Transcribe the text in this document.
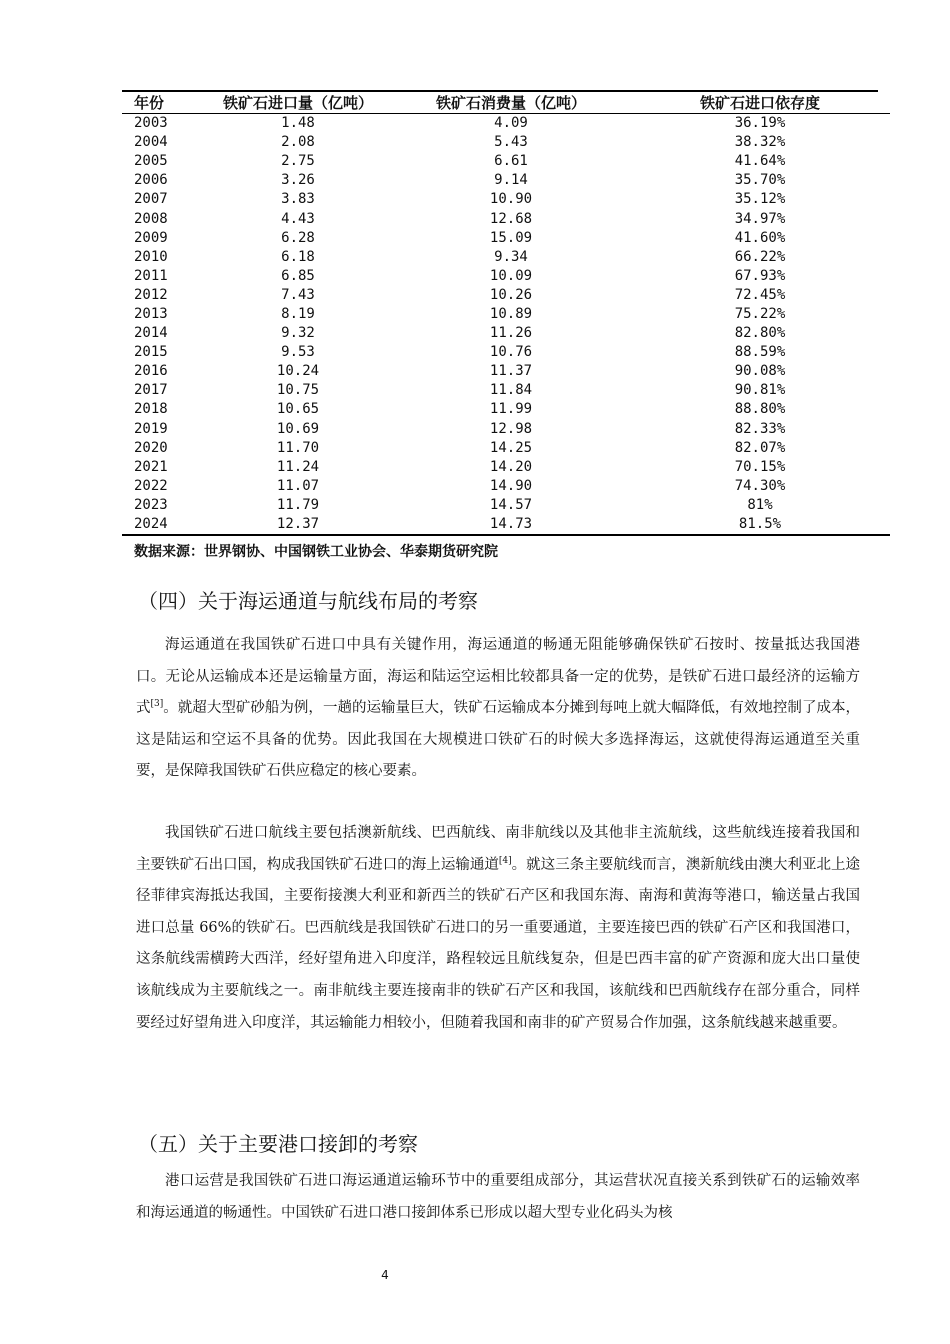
年份	铁矿石进口量（亿吨）	铁矿石消费量（亿吨）	铁矿石进口依存度
2003	1.48	4.09	36.19%
2004	2.08	5.43	38.32%
2005	2.75	6.61	41.64%
2006	3.26	9.14	35.70%
2007	3.83	10.90	35.12%
2008	4.43	12.68	34.97%
2009	6.28	15.09	41.60%
2010	6.18	9.34	66.22%
2011	6.85	10.09	67.93%
2012	7.43	10.26	72.45%
2013	8.19	10.89	75.22%
2014	9.32	11.26	82.80%
2015	9.53	10.76	88.59%
2016	10.24	11.37	90.08%
2017	10.75	11.84	90.81%
2018	10.65	11.99	88.80%
2019	10.69	12.98	82.33%
2020	11.70	14.25	82.07%
2021	11.24	14.20	70.15%
2022	11.07	14.90	74.30%
2023	11.79	14.57	81%
2024	12.37	14.73	81.5%
数据来源：世界钢协、中国钢铁工业协会、华泰期货研究院
（四）关于海运通道与航线布局的考察

海运通道在我国铁矿石进口中具有关键作用，海运通道的畅通无阻能够确保铁矿石按时、按量抵达我国港口。无论从运输成本还是运输量方面，海运和陆运空运相比较都具备一定的优势，是铁矿石进口最经济的运输方式[3]。就超大型矿砂船为例，一趟的运输量巨大，铁矿石运输成本分摊到每吨上就大幅降低，有效地控制了成本，这是陆运和空运不具备的优势。因此我国在大规模进口铁矿石的时候大多选择海运，这就使得海运通道至关重要，是保障我国铁矿石供应稳定的核心要素。

我国铁矿石进口航线主要包括澳新航线、巴西航线、南非航线以及其他非主流航线，这些航线连接着我国和主要铁矿石出口国，构成我国铁矿石进口的海上运输通道[4]。就这三条主要航线而言，澳新航线由澳大利亚北上途径菲律宾海抵达我国，主要衔接澳大利亚和新西兰的铁矿石产区和我国东海、南海和黄海等港口，输送量占我国进口总量 66%的铁矿石。巴西航线是我国铁矿石进口的另一重要通道，主要连接巴西的铁矿石产区和我国港口，这条航线需横跨大西洋，经好望角进入印度洋，路程较远且航线复杂，但是巴西丰富的矿产资源和庞大出口量使该航线成为主要航线之一。南非航线主要连接南非的铁矿石产区和我国，该航线和巴西航线存在部分重合，同样要经过好望角进入印度洋，其运输能力相较小，但随着我国和南非的矿产贸易合作加强，这条航线越来越重要。

（五）关于主要港口接卸的考察

港口运营是我国铁矿石进口海运通道运输环节中的重要组成部分，其运营状况直接关系到铁矿石的运输效率和海运通道的畅通性。中国铁矿石进口港口接卸体系已形成以超大型专业化码头为核

4
